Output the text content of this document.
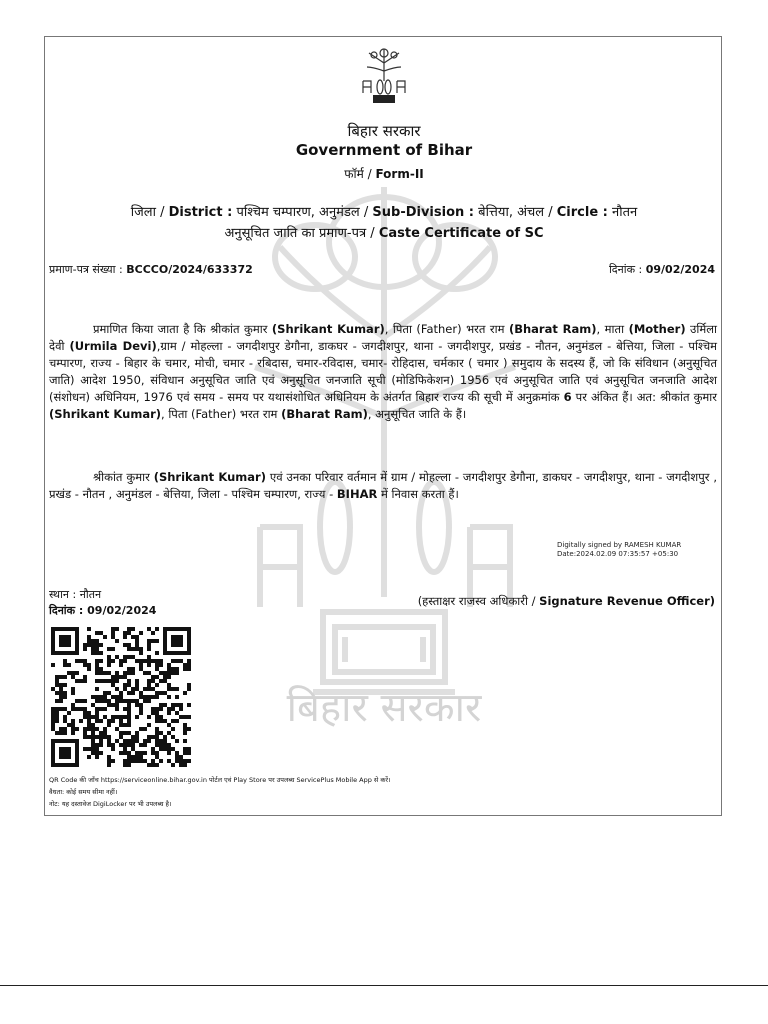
बिहार सरकार
बिहार सरकार
Government of Bihar
फॉर्म / Form-II
जिला / District : पश्चिम चम्पारण, अनुमंडल / Sub-Division : बेत्तिया, अंचल / Circle : नौतन
अनुसूचित जाति का प्रमाण-पत्र / Caste Certificate of SC
प्रमाण-पत्र संख्या : BCCCO/2024/633372	दिनांक : 09/02/2024

प्रमाणित किया जाता है कि श्रीकांत कुमार (Shrikant Kumar), पिता (Father) भरत राम (Bharat Ram), माता (Mother) उर्मिला देवी (Urmila Devi),ग्राम / मोहल्ला - जगदीशपुर डेगौना, डाकघर - जगदीशपुर, थाना - जगदीशपुर, प्रखंड - नौतन, अनुमंडल - बेत्तिया, जिला - पश्चिम चम्पारण, राज्य - बिहार के चमार, मोची, चमार - रबिदास, चमार-रविदास, चमार- रोहिदास, चर्मकार ( चमार ) समुदाय के सदस्य हैं, जो कि संविधान (अनुसूचित जाति) आदेश 1950, संविधान अनुसूचित जाति एवं अनुसूचित जनजाति सूची (मोडिफिकेशन) 1956 एवं अनुसूचित जाति एवं अनुसूचित जनजाति आदेश (संशोधन) अधिनियम, 1976 एवं समय - समय पर यथासंशोधित अधिनियम के अंतर्गत बिहार राज्य की सूची में अनुक्रमांक 6 पर अंकित हैं। अत: श्रीकांत कुमार (Shrikant Kumar), पिता (Father) भरत राम (Bharat Ram), अनुसूचित जाति के हैं।

श्रीकांत कुमार (Shrikant Kumar) एवं उनका परिवार वर्तमान में ग्राम / मोहल्ला - जगदीशपुर डेगौना, डाकघर - जगदीशपुर, थाना - जगदीशपुर , प्रखंड - नौतन , अनुमंडल - बेत्तिया, जिला - पश्चिम चम्पारण, राज्य - BIHAR में निवास करता हैं।

Digitally signed by RAMESH KUMAR
Date:2024.02.09 07:35:57 +05:30
स्थान : नौतन
दिनांक : 09/02/2024
(हस्ताक्षर राजस्व अधिकारी / Signature Revenue Officer)
QR Code की जाँच https://serviceonline.bihar.gov.in पोर्टल एवं Play Store पर उपलब्ध ServicePlus Mobile App से करें।
वैधता: कोई समय सीमा नहीं।
नोट: यह दस्तावेज DigiLocker पर भी उपलब्ध है।
